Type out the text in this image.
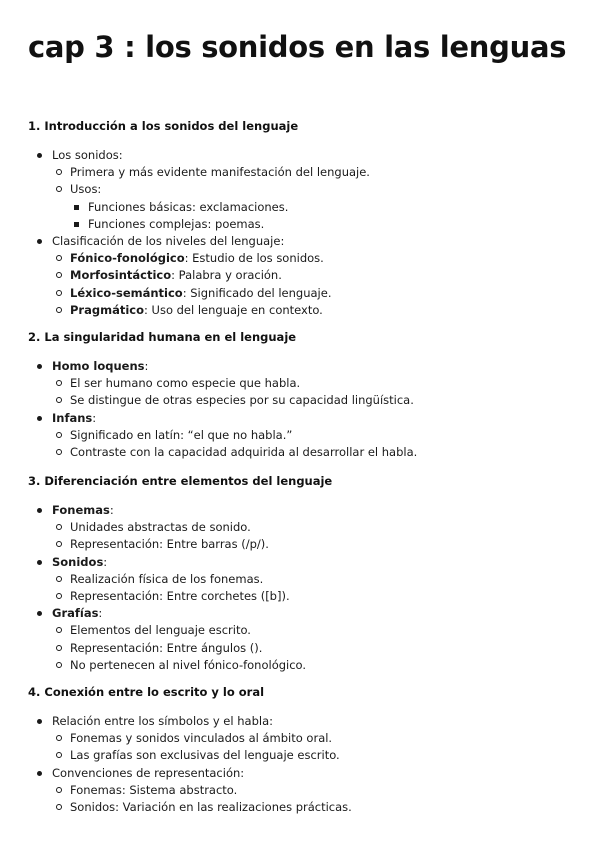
cap 3 : los sonidos en las lenguas
1. Introducción a los sonidos del lenguaje
Los sonidos:
Primera y más evidente manifestación del lenguaje.
Usos:
Funciones básicas: exclamaciones.
Funciones complejas: poemas.
Clasificación de los niveles del lenguaje:
Fónico-fonológico: Estudio de los sonidos.
Morfosintáctico: Palabra y oración.
Léxico-semántico: Significado del lenguaje.
Pragmático: Uso del lenguaje en contexto.
2. La singularidad humana en el lenguaje
Homo loquens:
El ser humano como especie que habla.
Se distingue de otras especies por su capacidad lingüística.
Infans:
Significado en latín: “el que no habla.”
Contraste con la capacidad adquirida al desarrollar el habla.
3. Diferenciación entre elementos del lenguaje
Fonemas:
Unidades abstractas de sonido.
Representación: Entre barras (/p/).
Sonidos:
Realización física de los fonemas.
Representación: Entre corchetes ([b]).
Grafías:
Elementos del lenguaje escrito.
Representación: Entre ángulos ().
No pertenecen al nivel fónico-fonológico.
4. Conexión entre lo escrito y lo oral
Relación entre los símbolos y el habla:
Fonemas y sonidos vinculados al ámbito oral.
Las grafías son exclusivas del lenguaje escrito.
Convenciones de representación:
Fonemas: Sistema abstracto.
Sonidos: Variación en las realizaciones prácticas.
